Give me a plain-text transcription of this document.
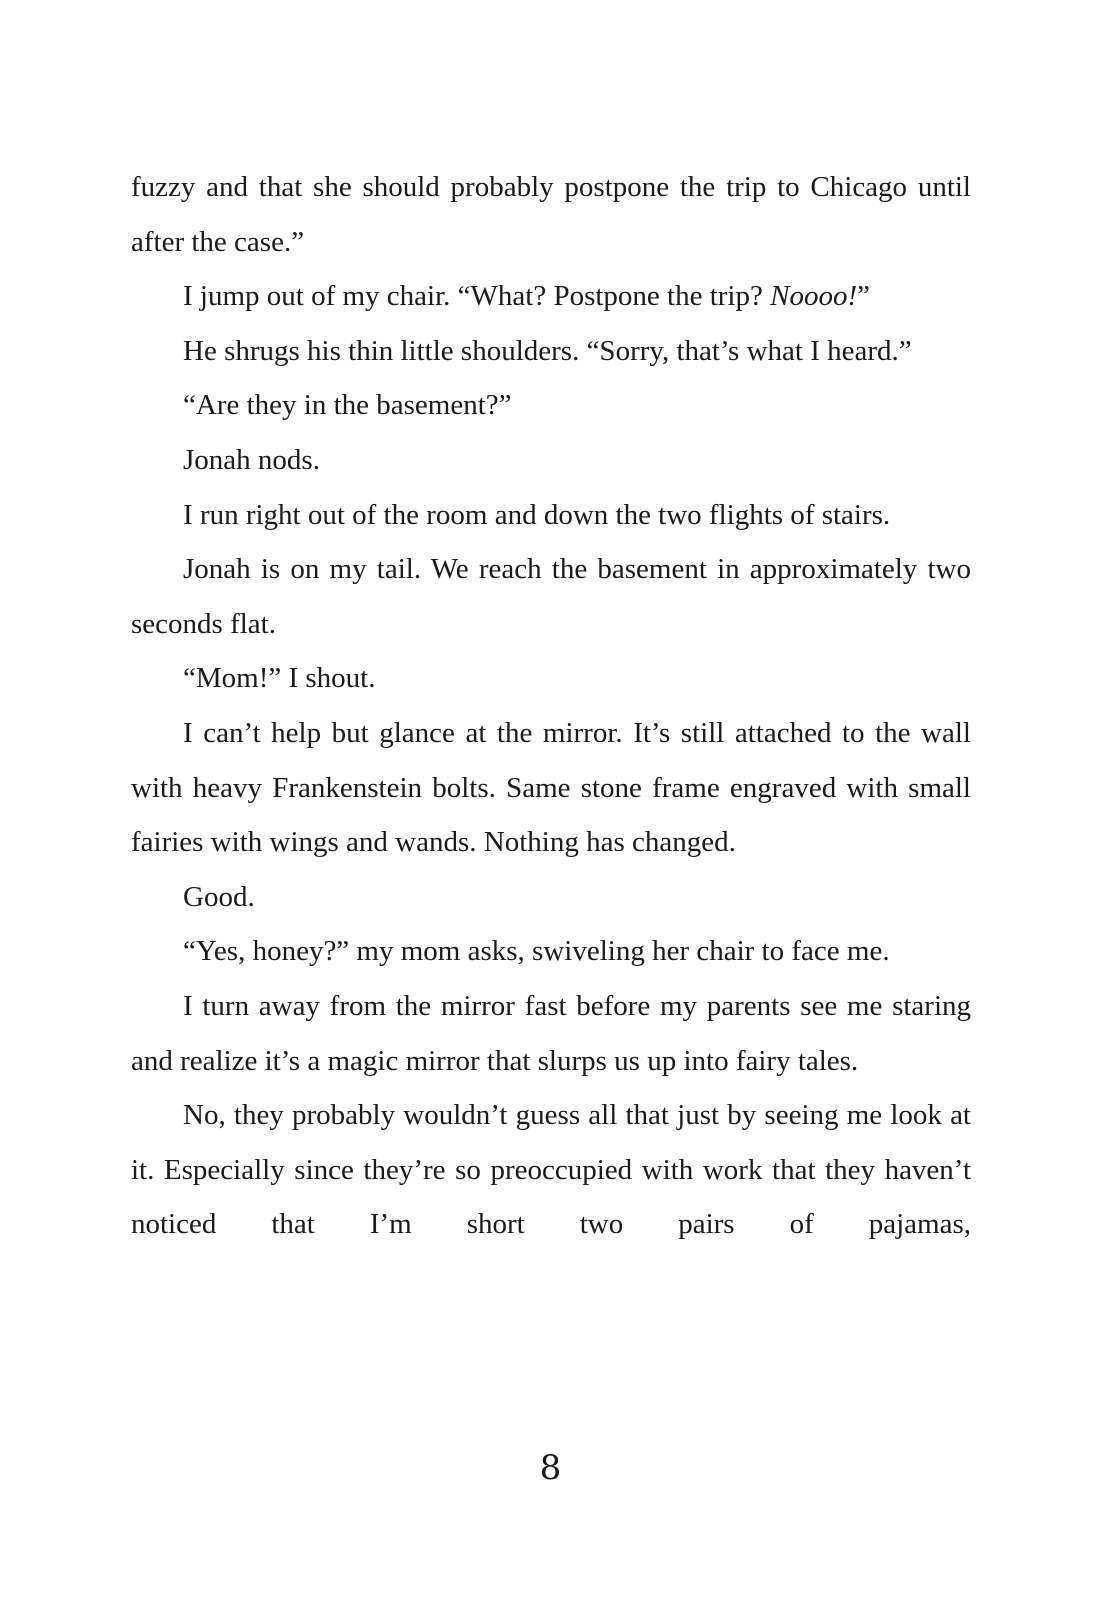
fuzzy and that she should probably postpone the trip to Chicago until after the case.”

I jump out of my chair. “What? Postpone the trip? Noooo!”

He shrugs his thin little shoulders. “Sorry, that’s what I heard.”

“Are they in the basement?”

Jonah nods.

I run right out of the room and down the two flights of stairs.

Jonah is on my tail. We reach the basement in approximately two seconds flat.

“Mom!” I shout.

I can’t help but glance at the mirror. It’s still attached to the wall with heavy Frankenstein bolts. Same stone frame engraved with small fairies with wings and wands. Nothing has changed.

Good.

“Yes, honey?” my mom asks, swiveling her chair to face me.

I turn away from the mirror fast before my parents see me staring and realize it’s a magic mirror that slurps us up into fairy tales.

No, they probably wouldn’t guess all that just by seeing me look at it. Especially since they’re so preoccupied with work that they haven’t noticed that I’m short two pairs of pajamas,

8
